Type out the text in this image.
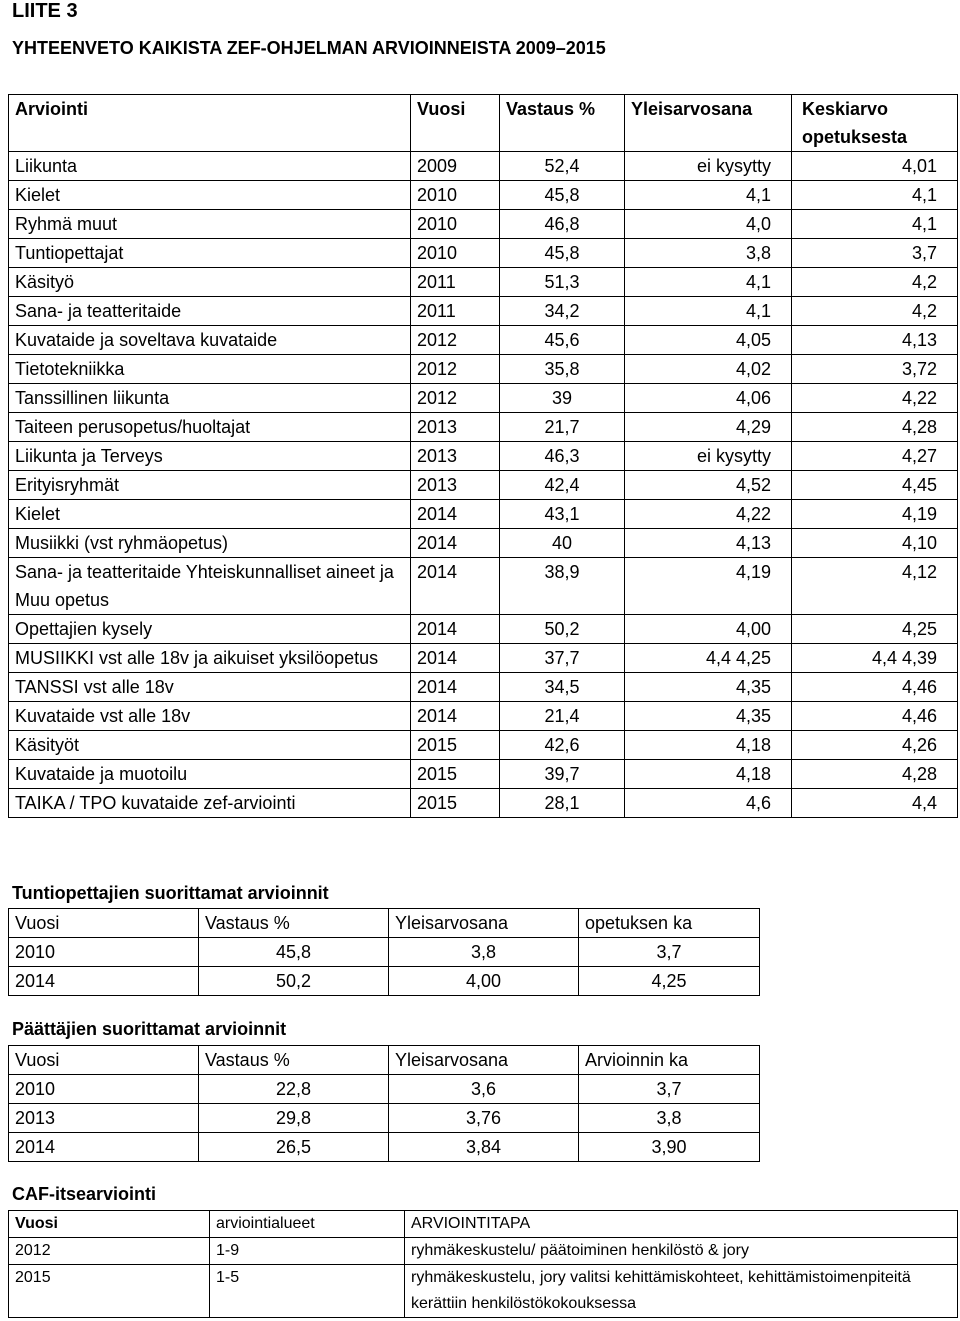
LIITE 3
YHTEENVETO KAIKISTA ZEF-OHJELMAN ARVIOINNEISTA 2009–2015
Arviointi	Vuosi	Vastaus %	Yleisarvosana	Keskiarvo opetuksesta
Liikunta	2009	52,4	ei kysytty	4,01
Kielet	2010	45,8	4,1	4,1
Ryhmä muut	2010	46,8	4,0	4,1
Tuntiopettajat	2010	45,8	3,8	3,7
Käsityö	2011	51,3	4,1	4,2
Sana- ja teatteritaide	2011	34,2	4,1	4,2
Kuvataide ja soveltava kuvataide	2012	45,6	4,05	4,13
Tietotekniikka	2012	35,8	4,02	3,72
Tanssillinen liikunta	2012	39	4,06	4,22
Taiteen perusopetus/huoltajat	2013	21,7	4,29	4,28
Liikunta ja Terveys	2013	46,3	ei kysytty	4,27
Erityisryhmät	2013	42,4	4,52	4,45
Kielet	2014	43,1	4,22	4,19
Musiikki (vst ryhmäopetus)	2014	40	4,13	4,10
Sana- ja teatteritaide Yhteiskunnalliset aineet ja Muu opetus	2014	38,9	4,19	4,12
Opettajien kysely	2014	50,2	4,00	4,25
MUSIIKKI vst alle 18v ja aikuiset yksilöopetus	2014	37,7	4,4 4,25	4,4 4,39
TANSSI vst alle 18v	2014	34,5	4,35	4,46
Kuvataide vst alle 18v	2014	21,4	4,35	4,46
Käsityöt	2015	42,6	4,18	4,26
Kuvataide ja muotoilu	2015	39,7	4,18	4,28
TAIKA / TPO kuvataide zef-arviointi	2015	28,1	4,6	4,4
Tuntiopettajien suorittamat arvioinnit
Vuosi	Vastaus %	Yleisarvosana	opetuksen ka
2010	45,8	3,8	3,7
2014	50,2	4,00	4,25
Päättäjien suorittamat arvioinnit
Vuosi	Vastaus %	Yleisarvosana	Arvioinnin ka
2010	22,8	3,6	3,7
2013	29,8	3,76	3,8
2014	26,5	3,84	3,90
CAF-itsearviointi
Vuosi	arviointialueet	ARVIOINTITAPA
2012	1-9	ryhmäkeskustelu/ päätoiminen henkilöstö & jory
2015	1-5	ryhmäkeskustelu, jory valitsi kehittämiskohteet, kehittämistoimenpiteitä kerättiin henkilöstökokouksessa
